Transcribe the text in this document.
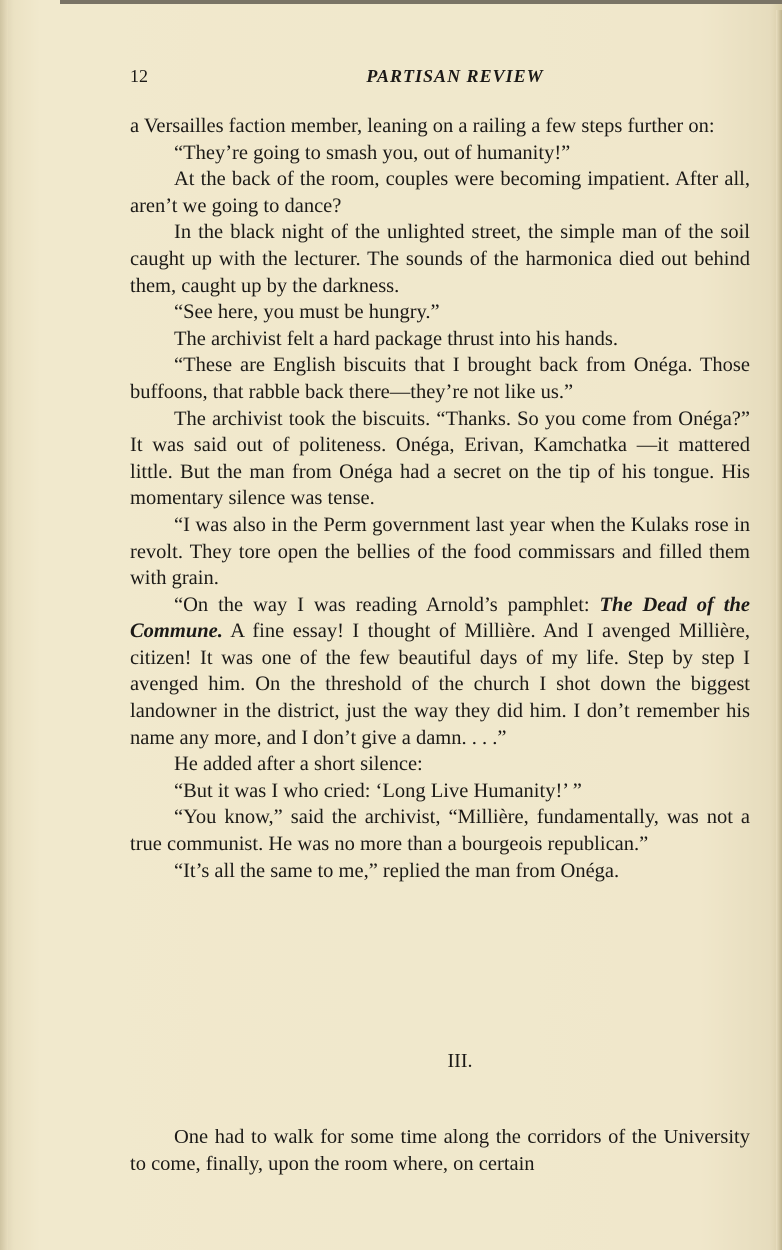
12	PARTISAN REVIEW

a Versailles faction member, leaning on a railing a few steps further on:

“They’re going to smash you, out of humanity!”

At the back of the room, couples were becoming impatient. After all, aren’t we going to dance?

In the black night of the unlighted street, the simple man of the soil caught up with the lecturer. The sounds of the harmonica died out behind them, caught up by the darkness.

“See here, you must be hungry.”

The archivist felt a hard package thrust into his hands.

“These are English biscuits that I brought back from Onéga. Those buffoons, that rabble back there—they’re not like us.”

The archivist took the biscuits. “Thanks. So you come from Onéga?” It was said out of politeness. Onéga, Erivan, Kamchatka —it mattered little. But the man from Onéga had a secret on the tip of his tongue. His momentary silence was tense.

“I was also in the Perm government last year when the Kulaks rose in revolt. They tore open the bellies of the food commissars and filled them with grain.

“On the way I was reading Arnold’s pamphlet: The Dead of the Commune. A fine essay! I thought of Millière. And I avenged Millière, citizen! It was one of the few beautiful days of my life. Step by step I avenged him. On the threshold of the church I shot down the biggest landowner in the district, just the way they did him. I don’t remember his name any more, and I don’t give a damn. . . .”

He added after a short silence:

“But it was I who cried: ‘Long Live Humanity!’ ”

“You know,” said the archivist, “Millière, fundamentally, was not a true communist. He was no more than a bourgeois republican.”

“It’s all the same to me,” replied the man from Onéga.

III.

One had to walk for some time along the corridors of the University to come, finally, upon the room where, on certain
